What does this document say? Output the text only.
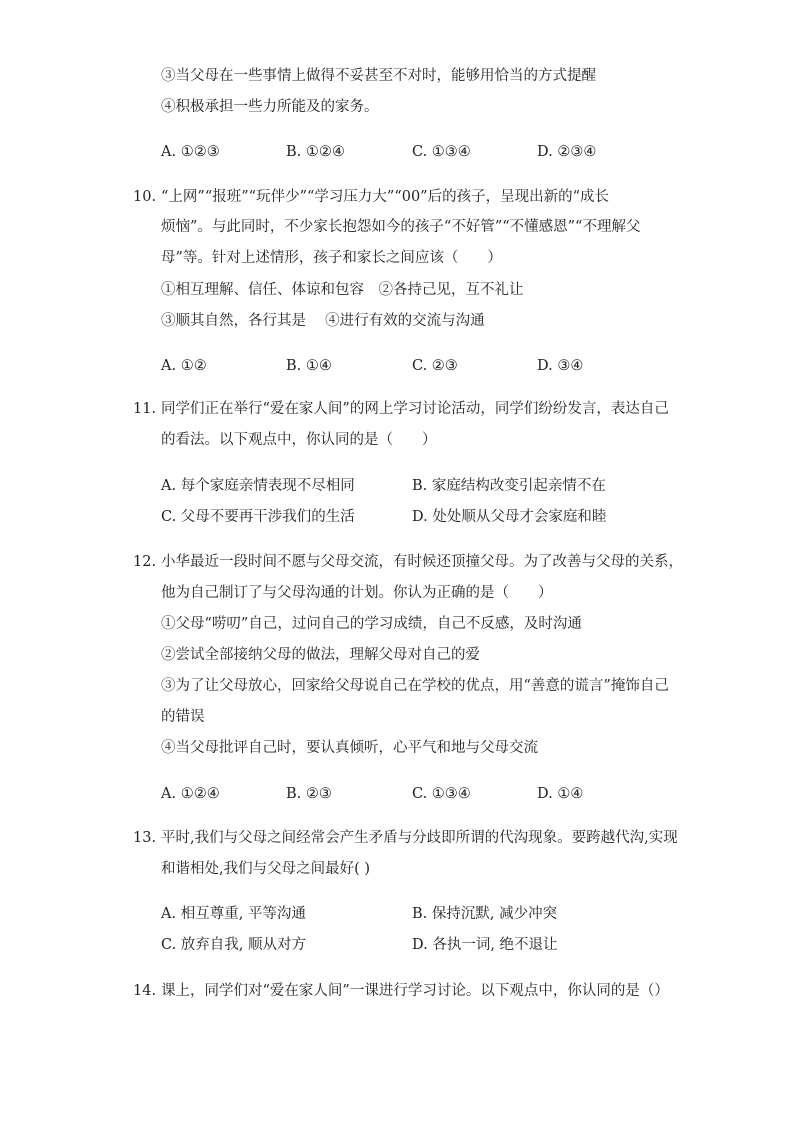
③当父母在一些事情上做得不妥甚至不对时，能够用恰当的方式提醒
④积极承担一些力所能及的家务。
A. ①②③	B. ①②④	C. ①③④	D. ②③④
10. “上网”“报班”“玩伴少”“学习压力大”“00”后的孩子，呈现出新的“成长
烦恼”。与此同时，不少家长抱怨如今的孩子“不好管”“不懂感恩”“不理解父
母”等。针对上述情形，孩子和家长之间应该（　　）
①相互理解、信任、体谅和包容　②各持己见，互不礼让
③顺其自然，各行其是　 ④进行有效的交流与沟通
A. ①②	B. ①④	C. ②③	D. ③④
11. 同学们正在举行“爱在家人间”的网上学习讨论活动，同学们纷纷发言，表达自己
的看法。以下观点中，你认同的是（　　）
A. 每个家庭亲情表现不尽相同	B. 家庭结构改变引起亲情不在
C. 父母不要再干涉我们的生活	D. 处处顺从父母才会家庭和睦
12. 小华最近一段时间不愿与父母交流，有时候还顶撞父母。为了改善与父母的关系，
他为自己制订了与父母沟通的计划。你认为正确的是（　　）
①父母“唠叨”自己，过问自己的学习成绩，自己不反感，及时沟通
②尝试全部接纳父母的做法，理解父母对自己的爱
③为了让父母放心，回家给父母说自己在学校的优点，用“善意的谎言”掩饰自己
的错误
④当父母批评自己时，要认真倾听，心平气和地与父母交流
A. ①②④	B. ②③	C. ①③④	D. ①④
13. 平时,我们与父母之间经常会产生矛盾与分歧即所谓的代沟现象。要跨越代沟,实现
和谐相处,我们与父母之间最好( )
A. 相互尊重, 平等沟通	B. 保持沉默, 减少冲突
C. 放弃自我, 顺从对方	D. 各执一词, 绝不退让
14. 课上，同学们对“爱在家人间”一课进行学习讨论。以下观点中，你认同的是（）
